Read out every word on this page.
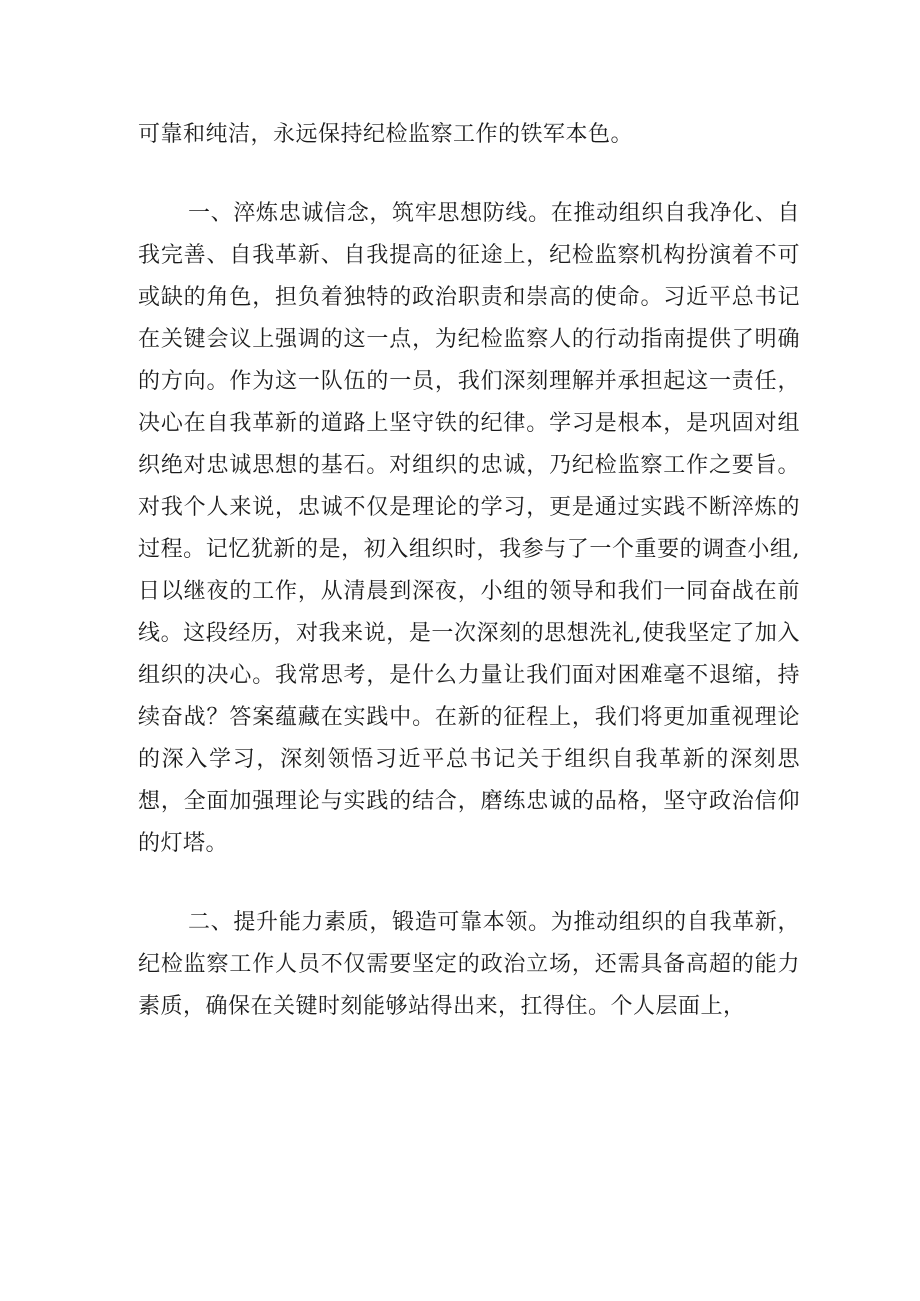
可靠和纯洁，永远保持纪检监察工作的铁军本色。

一、淬炼忠诚信念，筑牢思想防线。在推动组织自我净化、自我完善、自我革新、自我提高的征途上，纪检监察机构扮演着不可或缺的角色，担负着独特的政治职责和崇高的使命。习近平总书记在关键会议上强调的这一点，为纪检监察人的行动指南提供了明确的方向。作为这一队伍的一员，我们深刻理解并承担起这一责任，决心在自我革新的道路上坚守铁的纪律。学习是根本，是巩固对组织绝对忠诚思想的基石。对组织的忠诚，乃纪检监察工作之要旨。对我个人来说，忠诚不仅是理论的学习，更是通过实践不断淬炼的过程。记忆犹新的是，初入组织时，我参与了一个重要的调查小组,日以继夜的工作，从清晨到深夜，小组的领导和我们一同奋战在前线。这段经历，对我来说，是一次深刻的思想洗礼,使我坚定了加入组织的决心。我常思考，是什么力量让我们面对困难毫不退缩，持续奋战？答案蕴藏在实践中。在新的征程上，我们将更加重视理论的深入学习，深刻领悟习近平总书记关于组织自我革新的深刻思想，全面加强理论与实践的结合，磨练忠诚的品格，坚守政治信仰的灯塔。

二、提升能力素质，锻造可靠本领。为推动组织的自我革新，纪检监察工作人员不仅需要坚定的政治立场，还需具备高超的能力素质，确保在关键时刻能够站得出来，扛得住。个人层面上，
